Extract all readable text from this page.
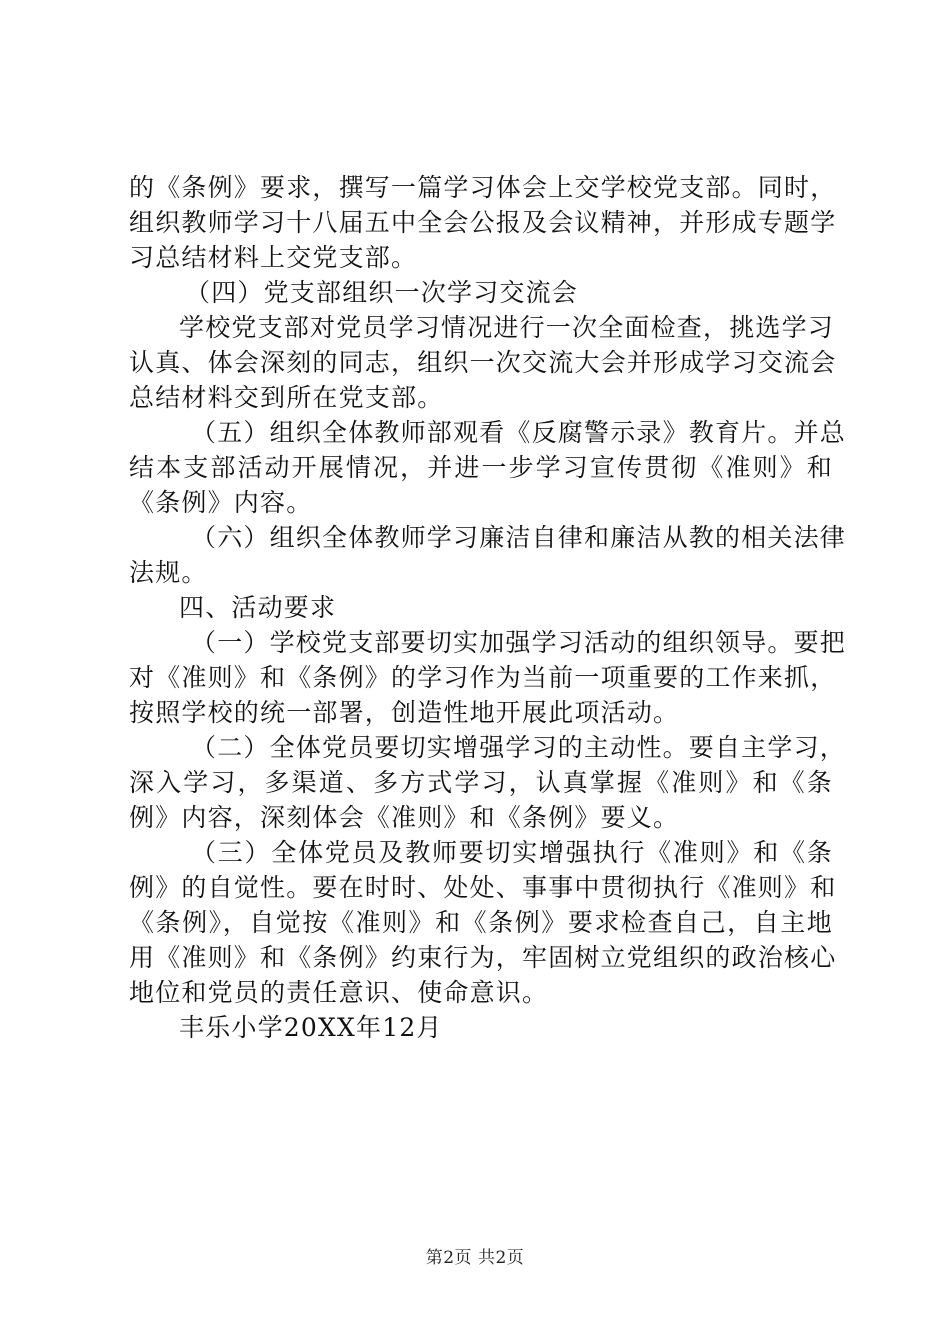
的《条例》要求，撰写一篇学习体会上交学校党支部。同时，
组织教师学习十八届五中全会公报及会议精神，并形成专题学
习总结材料上交党支部。
（四）党支部组织一次学习交流会
学校党支部对党员学习情况进行一次全面检查，挑选学习
认真、体会深刻的同志，组织一次交流大会并形成学习交流会
总结材料交到所在党支部。
（五）组织全体教师部观看《反腐警示录》教育片。并总
结本支部活动开展情况，并进一步学习宣传贯彻《准则》和
《条例》内容。
（六）组织全体教师学习廉洁自律和廉洁从教的相关法律
法规。
四、活动要求
（一）学校党支部要切实加强学习活动的组织领导。要把
对《准则》和《条例》的学习作为当前一项重要的工作来抓，
按照学校的统一部署，创造性地开展此项活动。
（二）全体党员要切实增强学习的主动性。要自主学习，
深入学习，多渠道、多方式学习，认真掌握《准则》和《条
例》内容，深刻体会《准则》和《条例》要义。
（三）全体党员及教师要切实增强执行《准则》和《条
例》的自觉性。要在时时、处处、事事中贯彻执行《准则》和
《条例》，自觉按《准则》和《条例》要求检查自己，自主地
用《准则》和《条例》约束行为，牢固树立党组织的政治核心
地位和党员的责任意识、使命意识。
丰乐小学20XX年12月
第2页 共2页
